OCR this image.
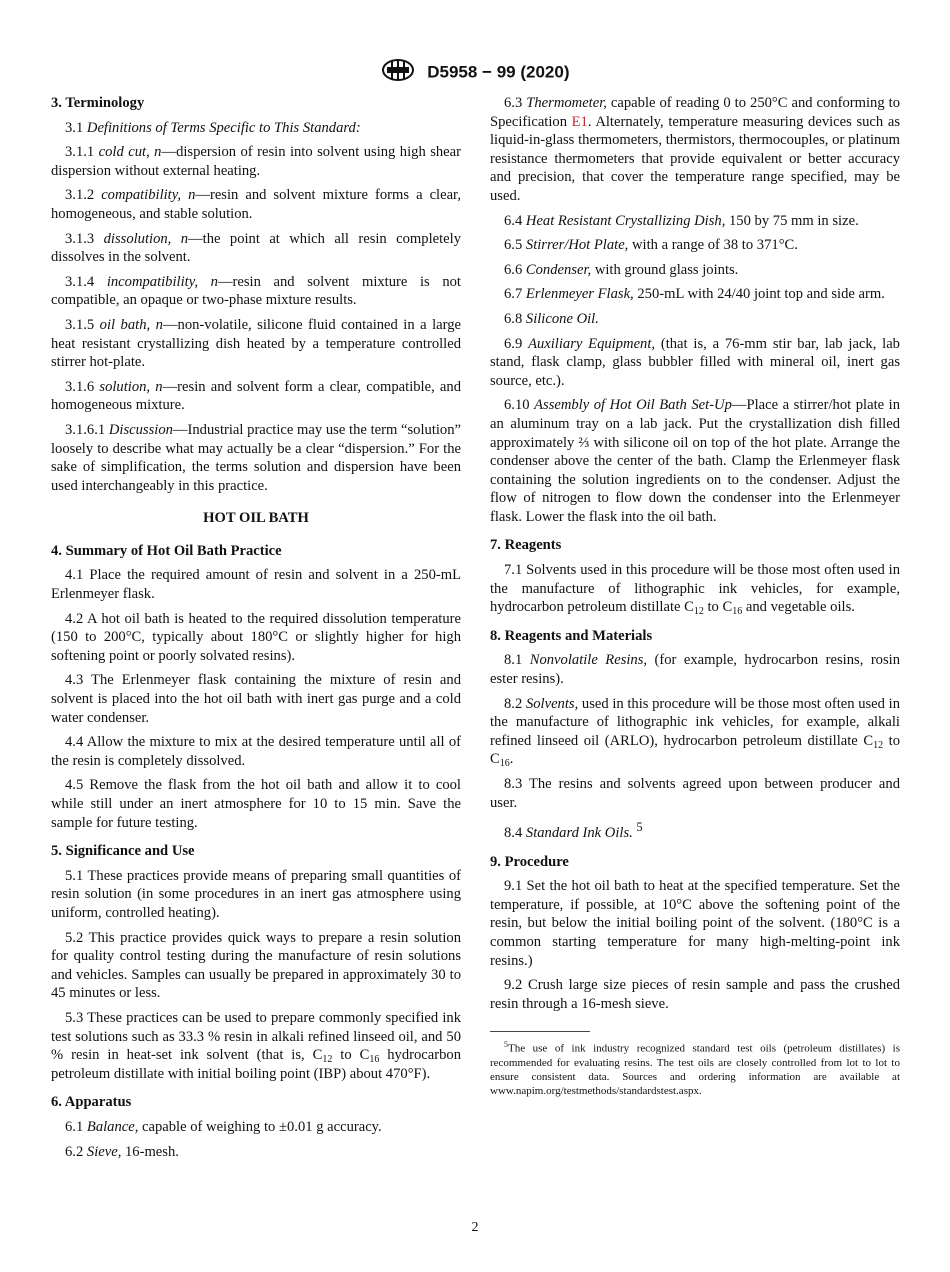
D5958 − 99 (2020)
3. Terminology

3.1 Definitions of Terms Specific to This Standard:

3.1.1 cold cut, n—dispersion of resin into solvent using high shear dispersion without external heating.

3.1.2 compatibility, n—resin and solvent mixture forms a clear, homogeneous, and stable solution.

3.1.3 dissolution, n—the point at which all resin completely dissolves in the solvent.

3.1.4 incompatibility, n—resin and solvent mixture is not compatible, an opaque or two-phase mixture results.

3.1.5 oil bath, n—non-volatile, silicone fluid contained in a large heat resistant crystallizing dish heated by a temperature controlled stirrer hot-plate.

3.1.6 solution, n—resin and solvent form a clear, compatible, and homogeneous mixture.

3.1.6.1 Discussion—Industrial practice may use the term “solution” loosely to describe what may actually be a clear “dispersion.” For the sake of simplification, the terms solution and dispersion have been used interchangeably in this practice.

HOT OIL BATH
4. Summary of Hot Oil Bath Practice

4.1 Place the required amount of resin and solvent in a 250-mL Erlenmeyer flask.

4.2 A hot oil bath is heated to the required dissolution temperature (150 to 200°C, typically about 180°C or slightly higher for high softening point or poorly solvated resins).

4.3 The Erlenmeyer flask containing the mixture of resin and solvent is placed into the hot oil bath with inert gas purge and a cold water condenser.

4.4 Allow the mixture to mix at the desired temperature until all of the resin is completely dissolved.

4.5 Remove the flask from the hot oil bath and allow it to cool while still under an inert atmosphere for 10 to 15 min. Save the sample for future testing.

5. Significance and Use

5.1 These practices provide means of preparing small quantities of resin solution (in some procedures in an inert gas atmosphere using uniform, controlled heating).

5.2 This practice provides quick ways to prepare a resin solution for quality control testing during the manufacture of resin solutions and vehicles. Samples can usually be prepared in approximately 30 to 45 minutes or less.

5.3 These practices can be used to prepare commonly specified ink test solutions such as 33.3 % resin in alkali refined linseed oil, and 50 % resin in heat-set ink solvent (that is, $C_{12}$ to $C_{16}$ hydrocarbon petroleum distillate with initial boiling point (IBP) about 470°F).

6. Apparatus

6.1 Balance, capable of weighing to ±0.01 g accuracy.

6.2 Sieve, 16-mesh.

6.3 Thermometer, capable of reading 0 to 250°C and conforming to Specification E1. Alternately, temperature measuring devices such as liquid-in-glass thermometers, thermistors, thermocouples, or platinum resistance thermometers that provide equivalent or better accuracy and precision, that cover the temperature range specified, may be used.

6.4 Heat Resistant Crystallizing Dish, 150 by 75 mm in size.

6.5 Stirrer/Hot Plate, with a range of 38 to 371°C.

6.6 Condenser, with ground glass joints.

6.7 Erlenmeyer Flask, 250-mL with 24/40 joint top and side arm.

6.8 Silicone Oil.

6.9 Auxiliary Equipment, (that is, a 76-mm stir bar, lab jack, lab stand, flask clamp, glass bubbler filled with mineral oil, inert gas source, etc.).

6.10 Assembly of Hot Oil Bath Set-Up—Place a stirrer/hot plate in an aluminum tray on a lab jack. Put the crystallization dish filled approximately ⅔ with silicone oil on top of the hot plate. Arrange the condenser above the center of the bath. Clamp the Erlenmeyer flask containing the solution ingredients on to the condenser. Adjust the flow of nitrogen to flow down the condenser into the Erlenmeyer flask. Lower the flask into the oil bath.

7. Reagents

7.1 Solvents used in this procedure will be those most often used in the manufacture of lithographic ink vehicles, for example, hydrocarbon petroleum distillate $C_{12}$ to $C_{16}$ and vegetable oils.

8. Reagents and Materials

8.1 Nonvolatile Resins, (for example, hydrocarbon resins, rosin ester resins).

8.2 Solvents, used in this procedure will be those most often used in the manufacture of lithographic ink vehicles, for example, alkali refined linseed oil (ARLO), hydrocarbon petroleum distillate $C_{12}$ to $C_{16}$.

8.3 The resins and solvents agreed upon between producer and user.

8.4 Standard Ink Oils. $^5$

9. Procedure

9.1 Set the hot oil bath to heat at the specified temperature. Set the temperature, if possible, at 10°C above the softening point of the resin, but below the initial boiling point of the solvent. (180°C is a common starting temperature for many high-melting-point ink resins.)

9.2 Crush large size pieces of resin sample and pass the crushed resin through a 16-mesh sieve.

$^5$The use of ink industry recognized standard test oils (petroleum distillates) is recommended for evaluating resins. The test oils are closely controlled from lot to lot to ensure consistent data. Sources and ordering information are available at www.napim.org/testmethods/standardstest.aspx.
2
